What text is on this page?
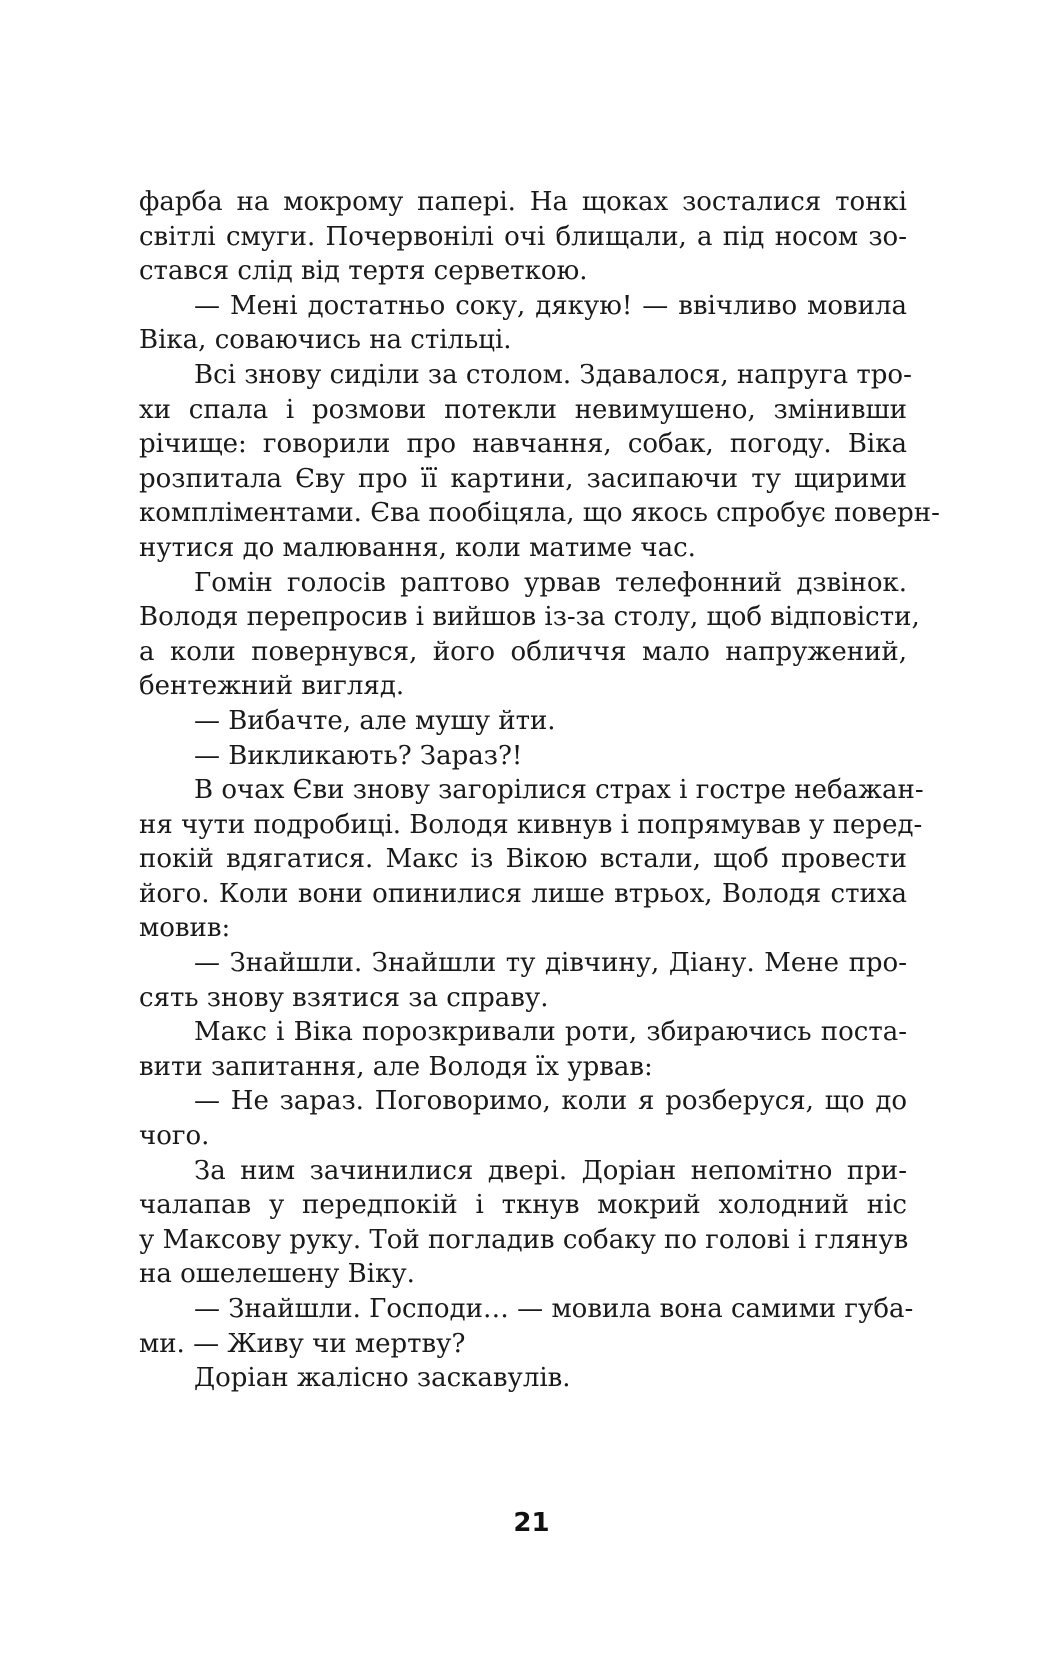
фарба на мокрому папері. На щоках зосталися тонкі
світлі смуги. Почервонілі очі блищали, а під носом зо-
стався слід від тертя серветкою.
— Мені достатньо соку, дякую! — ввічливо мовила
Віка, соваючись на стільці.
Всі знову сиділи за столом. Здавалося, напруга тро-
хи спала і розмови потекли невимушено, змінивши
річище: говорили про навчання, собак, погоду. Віка
розпитала Єву про її картини, засипаючи ту щирими
компліментами. Єва пообіцяла, що якось спробує поверн-
нутися до малювання, коли матиме час.
Гомін голосів раптово урвав телефонний дзвінок.
Володя перепросив і вийшов із-за столу, щоб відповісти,
а коли повернувся, його обличчя мало напружений,
бентежний вигляд.
— Вибачте, але мушу йти.
— Викликають? Зараз?!
В очах Єви знову загорілися страх і гостре небажан-
ня чути подробиці. Володя кивнув і попрямував у перед-
покій вдягатися. Макс із Вікою встали, щоб провести
його. Коли вони опинилися лише втрьох, Володя стиха
мовив:
— Знайшли. Знайшли ту дівчину, Діану. Мене про-
сять знову взятися за справу.
Макс і Віка порозкривали роти, збираючись поста-
вити запитання, але Володя їх урвав:
— Не зараз. Поговоримо, коли я розберуся, що до
чого.
За ним зачинилися двері. Доріан непомітно при-
чалапав у передпокій і ткнув мокрий холодний ніс
у Максову руку. Той погладив собаку по голові і глянув
на ошелешену Віку.
— Знайшли. Господи… — мовила вона самими губа-
ми. — Живу чи мертву?
Доріан жалісно заскавулів.
21
